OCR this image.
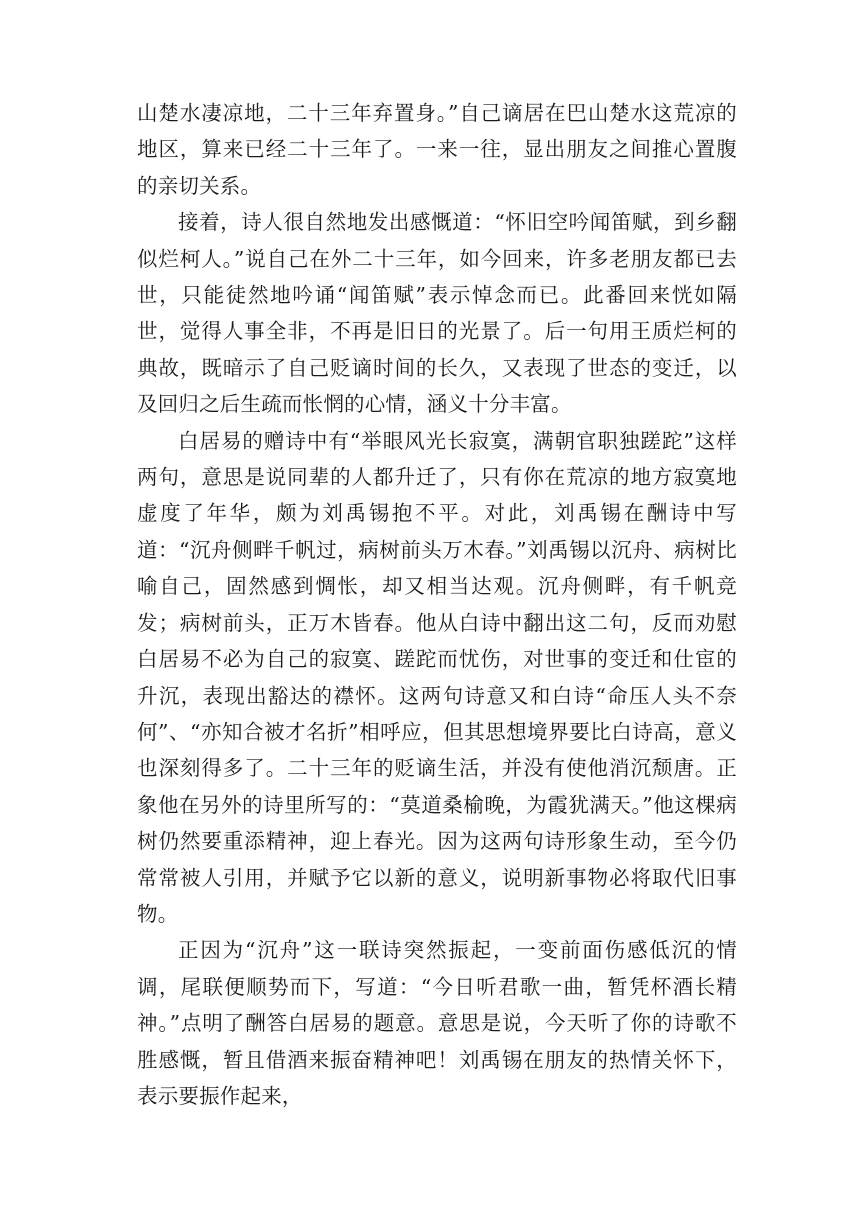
山楚水凄凉地，二十三年弃置身。”自己谪居在巴山楚水这荒凉的地区，算来已经二十三年了。一来一往，显出朋友之间推心置腹的亲切关系。

接着，诗人很自然地发出感慨道：“怀旧空吟闻笛赋，到乡翻似烂柯人。”说自己在外二十三年，如今回来，许多老朋友都已去世，只能徒然地吟诵“闻笛赋”表示悼念而已。此番回来恍如隔世，觉得人事全非，不再是旧日的光景了。后一句用王质烂柯的典故，既暗示了自己贬谪时间的长久，又表现了世态的变迁，以及回归之后生疏而怅惘的心情，涵义十分丰富。

白居易的赠诗中有“举眼风光长寂寞，满朝官职独蹉跎”这样两句，意思是说同辈的人都升迁了，只有你在荒凉的地方寂寞地虚度了年华，颇为刘禹锡抱不平。对此，刘禹锡在酬诗中写道：“沉舟侧畔千帆过，病树前头万木春。”刘禹锡以沉舟、病树比喻自己，固然感到惆怅，却又相当达观。沉舟侧畔，有千帆竞发；病树前头，正万木皆春。他从白诗中翻出这二句，反而劝慰白居易不必为自己的寂寞、蹉跎而忧伤，对世事的变迁和仕宦的升沉，表现出豁达的襟怀。这两句诗意又和白诗“命压人头不奈何”、“亦知合被才名折”相呼应，但其思想境界要比白诗高，意义也深刻得多了。二十三年的贬谪生活，并没有使他消沉颓唐。正象他在另外的诗里所写的：“莫道桑榆晚，为霞犹满天。”他这棵病树仍然要重添精神，迎上春光。因为这两句诗形象生动，至今仍常常被人引用，并赋予它以新的意义，说明新事物必将取代旧事物。

正因为“沉舟”这一联诗突然振起，一变前面伤感低沉的情调，尾联便顺势而下，写道：“今日听君歌一曲，暂凭杯酒长精神。”点明了酬答白居易的题意。意思是说，今天听了你的诗歌不胜感慨，暂且借酒来振奋精神吧！刘禹锡在朋友的热情关怀下，表示要振作起来，
